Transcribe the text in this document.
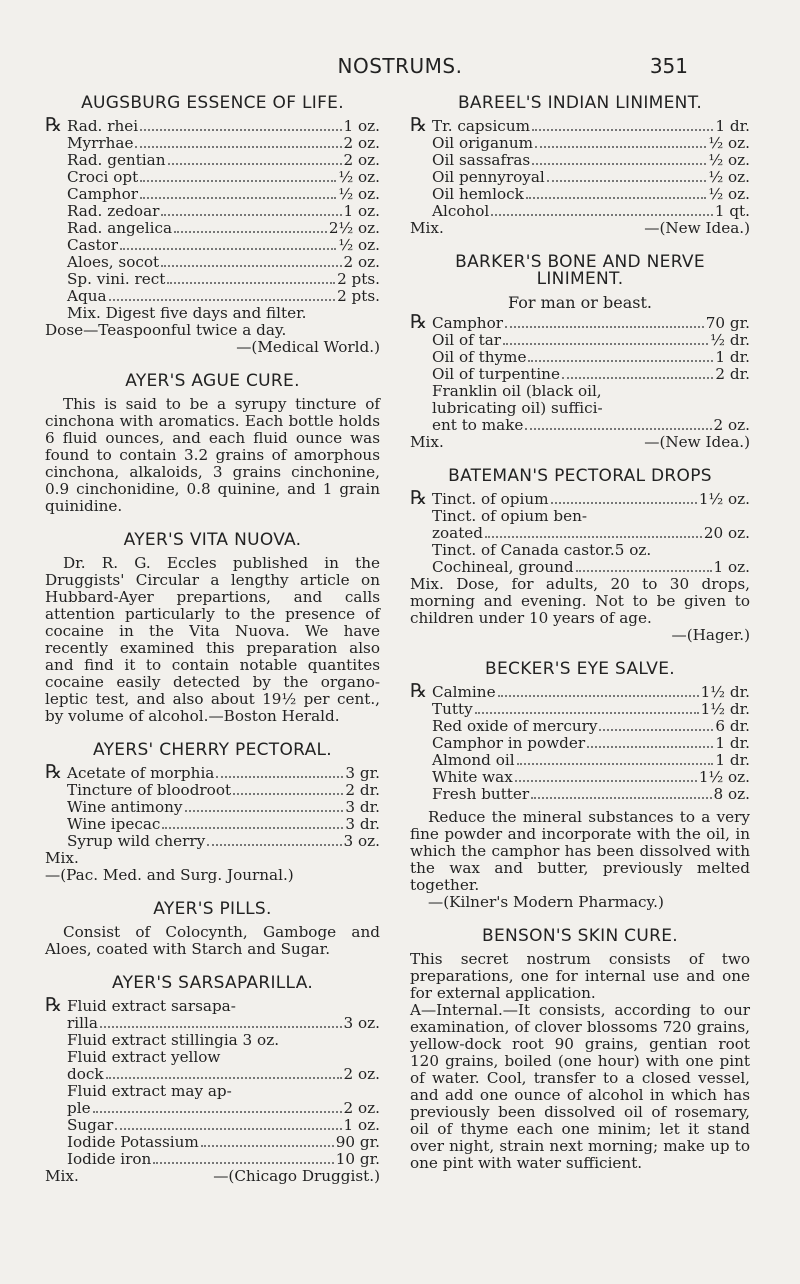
NOSTRUMS.	351
AUGSBURG ESSENCE OF LIFE.
℞ Rad. rhei	1 oz.
Myrrhae	2 oz.
Rad. gentian	2 oz.
Croci opt	½ oz.
Camphor	½ oz.
Rad. zedoar	1 oz.
Rad. angelica	2½ oz.
Castor	½ oz.
Aloes, socot	2 oz.
Sp. vini. rect	2 pts.
Aqua	2 pts.
Mix. Digest five days and filter.
Dose—Teaspoonful twice a day.
—(Medical World.)
AYER'S AGUE CURE.
This is said to be a syrupy tincture of cinchona with aromatics. Each bottle holds 6 fluid ounces, and each fluid ounce was found to contain 3.2 grains of amorphous cinchona, alkaloids, 3 grains cinchonine, 0.9 cinchonidine, 0.8 quinine, and 1 grain quinidine.
AYER'S VITA NUOVA.
Dr. R. G. Eccles published in the Druggists' Circular a lengthy article on Hubbard-Ayer prepartions, and calls attention particularly to the presence of cocaine in the Vita Nuova. We have recently examined this preparation also and find it to contain notable quantites cocaine easily detected by the organo-leptic test, and also about 19½ per cent., by volume of alcohol.—Boston Herald.
AYERS' CHERRY PECTORAL.
℞ Acetate of morphia	3 gr.
Tincture of bloodroot	2 dr.
Wine antimony	3 dr.
Wine ipecac	3 dr.
Syrup wild cherry	3 oz.
Mix.
—(Pac. Med. and Surg. Journal.)
AYER'S PILLS.
Consist of Colocynth, Gamboge and Aloes, coated with Starch and Sugar.
AYER'S SARSAPARILLA.
℞ Fluid extract sarsapa-
rilla	3 oz.
Fluid extract stillingia 3 oz.
Fluid extract yellow
dock	2 oz.
Fluid extract may ap-
ple	2 oz.
Sugar	1 oz.
Iodide Potassium	90 gr.
Iodide iron	10 gr.
Mix.	—(Chicago Druggist.)
BAREEL'S INDIAN LINIMENT.
℞ Tr. capsicum	1 dr.
Oil origanum	½ oz.
Oil sassafras	½ oz.
Oil pennyroyal	½ oz.
Oil hemlock	½ oz.
Alcohol	1 qt.
Mix.	—(New Idea.)
BARKER'S BONE AND NERVE
LINIMENT.
For man or beast.
℞ Camphor	70 gr.
Oil of tar	½ dr.
Oil of thyme	1 dr.
Oil of turpentine	2 dr.
Franklin oil (black oil,
lubricating oil) suffici-
ent to make	2 oz.
Mix.	—(New Idea.)
BATEMAN'S PECTORAL DROPS
℞ Tinct. of opium	1½ oz.
Tinct. of opium ben-
zoated	20 oz.
Tinct. of Canada castor.5 oz.
Cochineal, ground	1 oz.
Mix. Dose, for adults, 20 to 30 drops, morning and evening. Not to be given to children under 10 years of age.
—(Hager.)
BECKER'S EYE SALVE.
℞ Calmine	1½ dr.
Tutty	1½ dr.
Red oxide of mercury	6 dr.
Camphor in powder	1 dr.
Almond oil	1 dr.
White wax	1½ oz.
Fresh butter	8 oz.
Reduce the mineral substances to a very fine powder and incorporate with the oil, in which the camphor has been dissolved with the wax and butter, previously melted together.
—(Kilner's Modern Pharmacy.)
BENSON'S SKIN CURE.
This secret nostrum consists of two preparations, one for internal use and one for external application.
A—Internal.—It consists, according to our examination, of clover blossoms 720 grains, yellow-dock root 90 grains, gentian root 120 grains, boiled (one hour) with one pint of water. Cool, transfer to a closed vessel, and add one ounce of alcohol in which has previously been dissolved oil of rosemary, oil of thyme each one minim; let it stand over night, strain next morning; make up to one pint with water sufficient.
